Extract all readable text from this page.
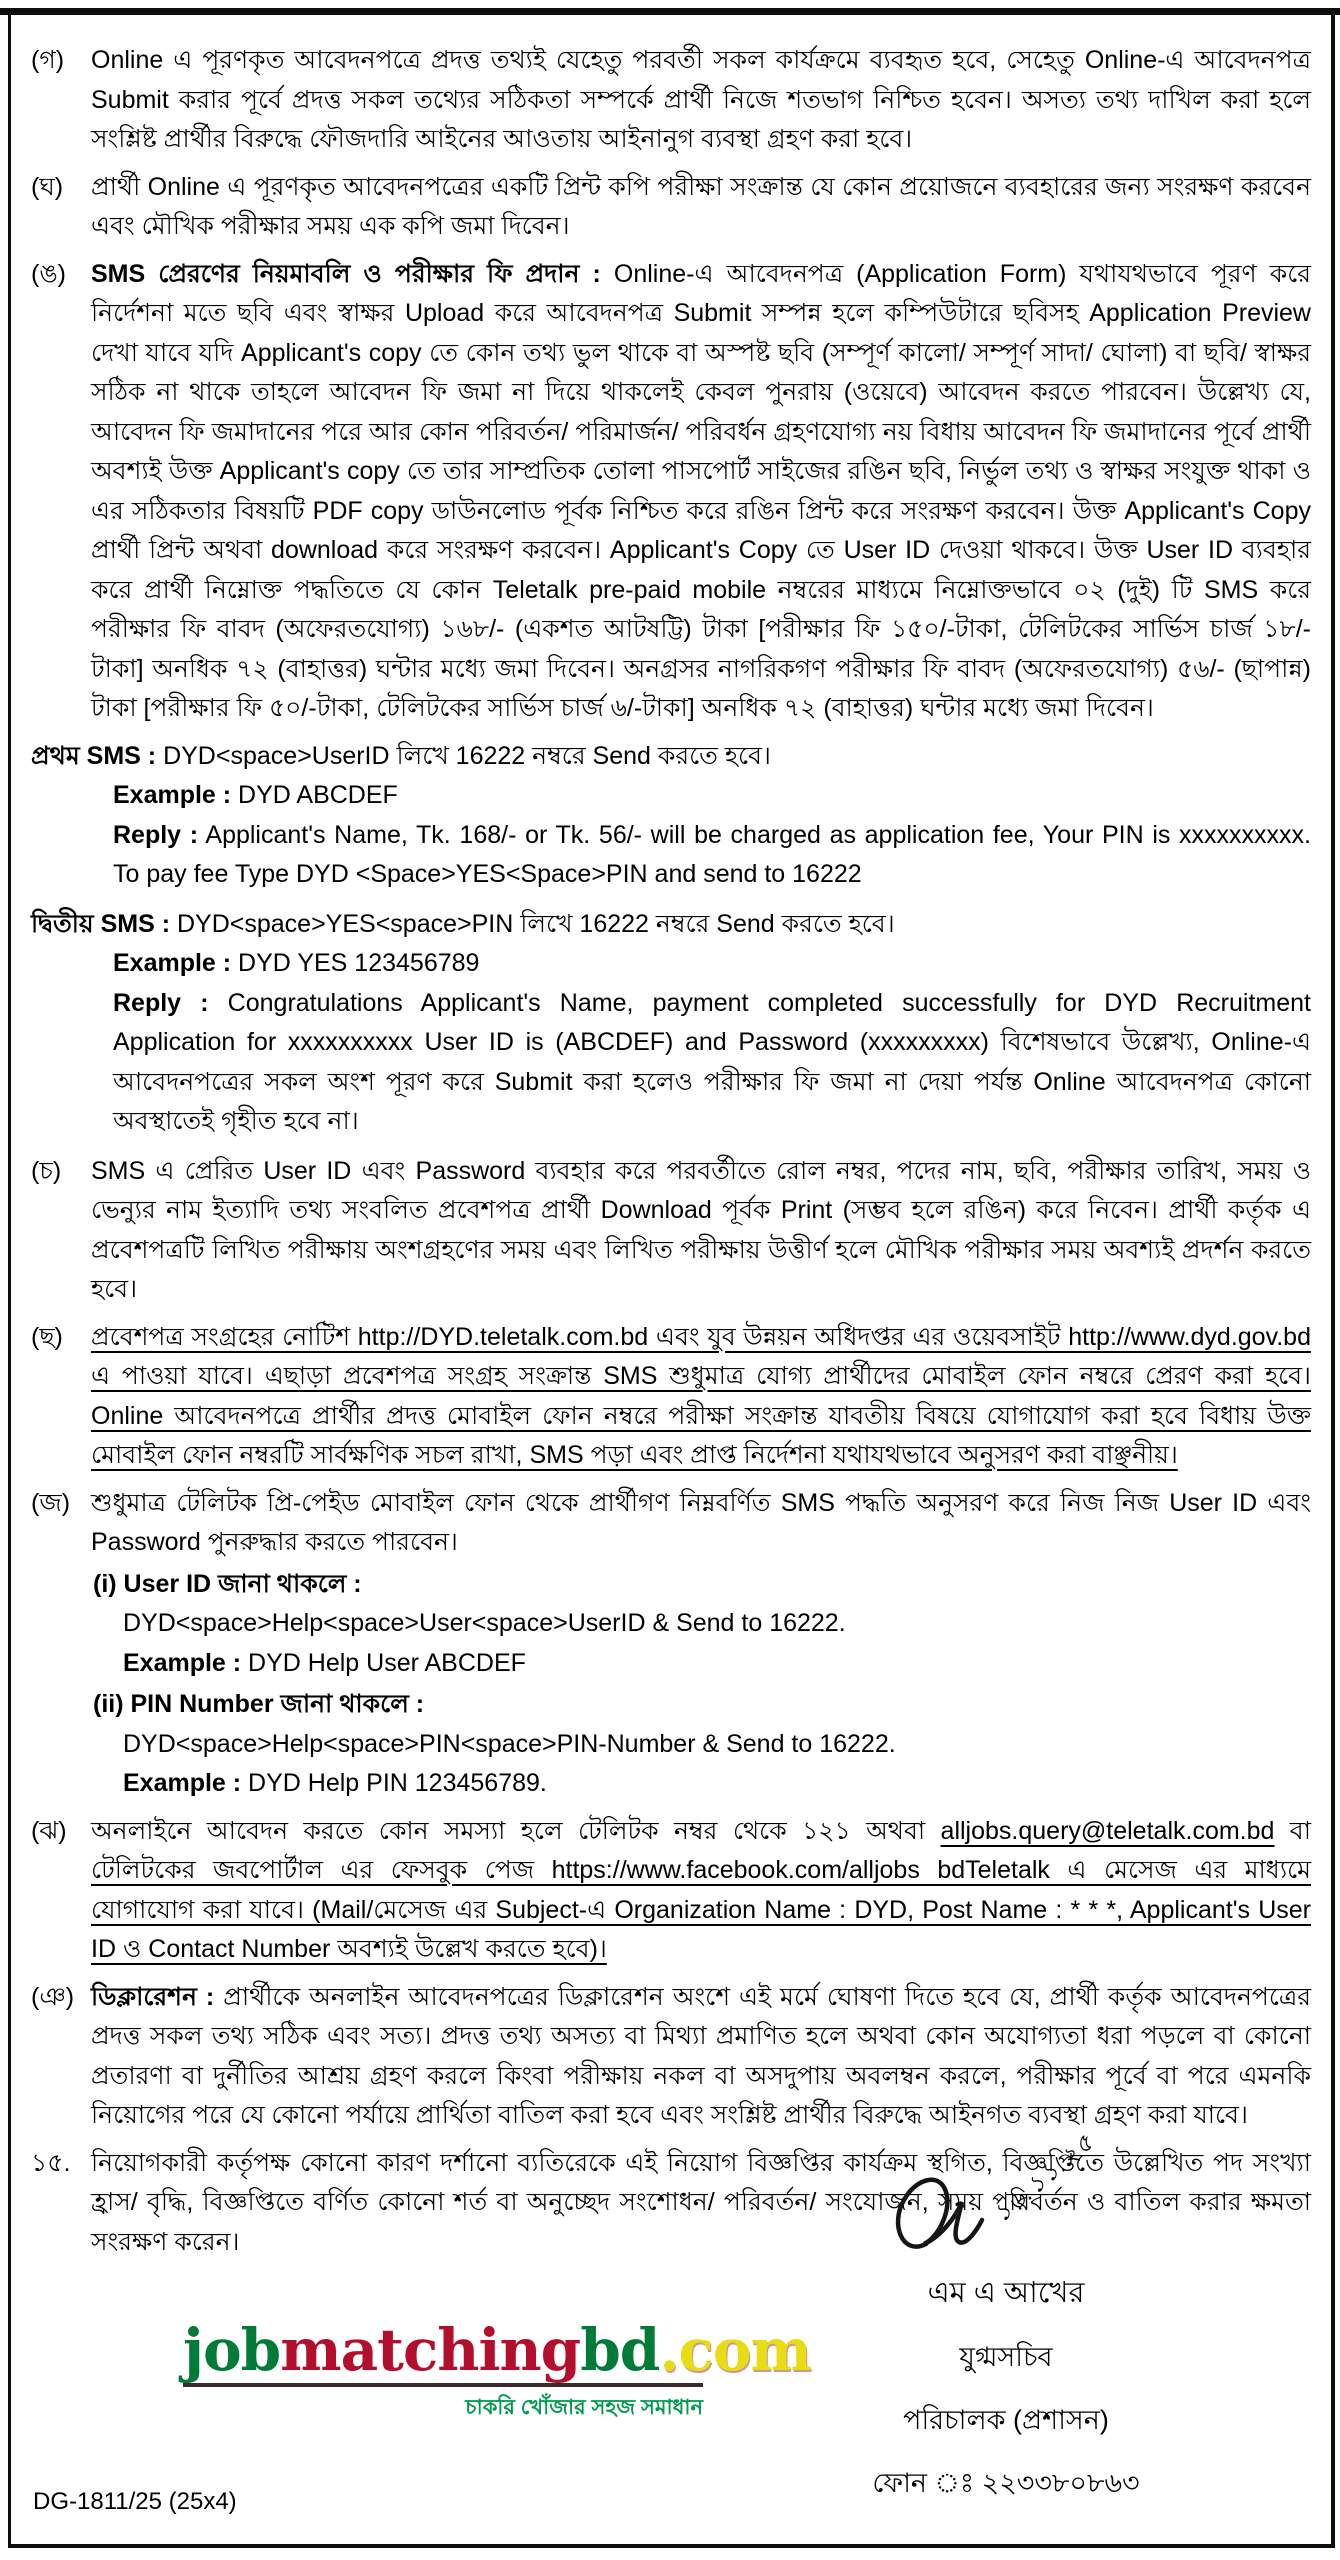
(গ)	Online এ পূরণকৃত আবেদনপত্রে প্রদত্ত তথ্যই যেহেতু পরবর্তী সকল কার্যক্রমে ব্যবহৃত হবে, সেহেতু Online-এ আবেদনপত্র Submit করার পূর্বে প্রদত্ত সকল তথ্যের সঠিকতা সম্পর্কে প্রার্থী নিজে শতভাগ নিশ্চিত হবেন। অসত্য তথ্য দাখিল করা হলে সংশ্লিষ্ট প্রার্থীর বিরুদ্ধে ফৌজদারি আইনের আওতায় আইনানুগ ব্যবস্থা গ্রহণ করা হবে।
(ঘ)	প্রার্থী Online এ পূরণকৃত আবেদনপত্রের একটি প্রিন্ট কপি পরীক্ষা সংক্রান্ত যে কোন প্রয়োজনে ব্যবহারের জন্য সংরক্ষণ করবেন এবং মৌখিক পরীক্ষার সময় এক কপি জমা দিবেন।
(ঙ)	SMS প্রেরণের নিয়মাবলি ও পরীক্ষার ফি প্রদান : Online-এ আবেদনপত্র (Application Form) যথাযথভাবে পূরণ করে নির্দেশনা মতে ছবি এবং স্বাক্ষর Upload করে আবেদনপত্র Submit সম্পন্ন হলে কম্পিউটারে ছবিসহ Application Preview দেখা যাবে যদি Applicant's copy তে কোন তথ্য ভুল থাকে বা অস্পষ্ট ছবি (সম্পূর্ণ কালো/ সম্পূর্ণ সাদা/ ঘোলা) বা ছবি/ স্বাক্ষর সঠিক না থাকে তাহলে আবেদন ফি জমা না দিয়ে থাকলেই কেবল পুনরায় (ওয়েবে) আবেদন করতে পারবেন। উল্লেখ্য যে, আবেদন ফি জমাদানের পরে আর কোন পরিবর্তন/ পরিমার্জন/ পরিবর্ধন গ্রহণযোগ্য নয় বিধায় আবেদন ফি জমাদানের পূর্বে প্রার্থী অবশ্যই উক্ত Applicant's copy তে তার সাম্প্রতিক তোলা পাসপোর্ট সাইজের রঙিন ছবি, নির্ভুল তথ্য ও স্বাক্ষর সংযুক্ত থাকা ও এর সঠিকতার বিষয়টি PDF copy ডাউনলোড পূর্বক নিশ্চিত করে রঙিন প্রিন্ট করে সংরক্ষণ করবেন। উক্ত Applicant's Copy প্রার্থী প্রিন্ট অথবা download করে সংরক্ষণ করবেন। Applicant's Copy তে User ID দেওয়া থাকবে। উক্ত User ID ব্যবহার করে প্রার্থী নিম্নোক্ত পদ্ধতিতে যে কোন Teletalk pre-paid mobile নম্বরের মাধ্যমে নিম্নোক্তভাবে ০২ (দুই) টি SMS করে পরীক্ষার ফি বাবদ (অফেরতযোগ্য) ১৬৮/- (একশত আটষট্টি) টাকা [পরীক্ষার ফি ১৫০/-টাকা, টেলিটকের সার্ভিস চার্জ ১৮/-টাকা] অনধিক ৭২ (বাহাত্তর) ঘন্টার মধ্যে জমা দিবেন। অনগ্রসর নাগরিকগণ পরীক্ষার ফি বাবদ (অফেরতযোগ্য) ৫৬/- (ছাপান্ন) টাকা [পরীক্ষার ফি ৫০/-টাকা, টেলিটকের সার্ভিস চার্জ ৬/-টাকা] অনধিক ৭২ (বাহাত্তর) ঘন্টার মধ্যে জমা দিবেন।
প্রথম SMS : DYD<space>UserID লিখে 16222 নম্বরে Send করতে হবে।
Example : DYD ABCDEF
Reply : Applicant's Name, Tk. 168/- or Tk. 56/- will be charged as application fee, Your PIN is xxxxxxxxxx. To pay fee Type DYD <Space>YES<Space>PIN and send to 16222
দ্বিতীয় SMS : DYD<space>YES<space>PIN লিখে 16222 নম্বরে Send করতে হবে।
Example : DYD YES 123456789
Reply : Congratulations Applicant's Name, payment completed successfully for DYD Recruitment Application for xxxxxxxxxx User ID is (ABCDEF) and Password (xxxxxxxxx) বিশেষভাবে উল্লেখ্য, Online-এ আবেদনপত্রের সকল অংশ পূরণ করে Submit করা হলেও পরীক্ষার ফি জমা না দেয়া পর্যন্ত Online আবেদনপত্র কোনো অবস্থাতেই গৃহীত হবে না।
(চ)	SMS এ প্রেরিত User ID এবং Password ব্যবহার করে পরবর্তীতে রোল নম্বর, পদের নাম, ছবি, পরীক্ষার তারিখ, সময় ও ভেন্যুর নাম ইত্যাদি তথ্য সংবলিত প্রবেশপত্র প্রার্থী Download পূর্বক Print (সম্ভব হলে রঙিন) করে নিবেন। প্রার্থী কর্তৃক এ প্রবেশপত্রটি লিখিত পরীক্ষায় অংশগ্রহণের সময় এবং লিখিত পরীক্ষায় উত্তীর্ণ হলে মৌখিক পরীক্ষার সময় অবশ্যই প্রদর্শন করতে হবে।
(ছ)	প্রবেশপত্র সংগ্রহের নোটিশ http://DYD.teletalk.com.bd এবং যুব উন্নয়ন অধিদপ্তর এর ওয়েবসাইট http://www.dyd.gov.bd এ পাওয়া যাবে। এছাড়া প্রবেশপত্র সংগ্রহ সংক্রান্ত SMS শুধুমাত্র যোগ্য প্রার্থীদের মোবাইল ফোন নম্বরে প্রেরণ করা হবে। Online আবেদনপত্রে প্রার্থীর প্রদত্ত মোবাইল ফোন নম্বরে পরীক্ষা সংক্রান্ত যাবতীয় বিষয়ে যোগাযোগ করা হবে বিধায় উক্ত মোবাইল ফোন নম্বরটি সার্বক্ষণিক সচল রাখা, SMS পড়া এবং প্রাপ্ত নির্দেশনা যথাযথভাবে অনুসরণ করা বাঞ্ছনীয়।
(জ) শুধুমাত্র টেলিটক প্রি-পেইড মোবাইল ফোন থেকে প্রার্থীগণ নিম্নবর্ণিত SMS পদ্ধতি অনুসরণ করে নিজ নিজ User ID এবং Password পুনরুদ্ধার করতে পারবেন।
(i) User ID জানা থাকলে :
DYD<space>Help<space>User<space>UserID & Send to 16222.
Example : DYD Help User ABCDEF
(ii) PIN Number জানা থাকলে :
DYD<space>Help<space>PIN<space>PIN-Number & Send to 16222.
Example : DYD Help PIN 123456789.
(ঝ) অনলাইনে আবেদন করতে কোন সমস্যা হলে টেলিটক নম্বর থেকে ১২১ অথবা alljobs.query@teletalk.com.bd বা টেলিটকের জবপোর্টাল এর ফেসবুক পেজ https://www.facebook.com/alljobs bdTeletalk এ মেসেজ এর মাধ্যমে যোগাযোগ করা যাবে। (Mail/মেসেজ এর Subject-এ Organization Name : DYD, Post Name : * * *, Applicant's User ID ও Contact Number অবশ্যই উল্লেখ করতে হবে)।
(ঞ) ডিক্লারেশন : প্রার্থীকে অনলাইন আবেদনপত্রের ডিক্লারেশন অংশে এই মর্মে ঘোষণা দিতে হবে যে, প্রার্থী কর্তৃক আবেদনপত্রের প্রদত্ত সকল তথ্য সঠিক এবং সত্য। প্রদত্ত তথ্য অসত্য বা মিথ্যা প্রমাণিত হলে অথবা কোন অযোগ্যতা ধরা পড়লে বা কোনো প্রতারণা বা দুর্নীতির আশ্রয় গ্রহণ করলে কিংবা পরীক্ষায় নকল বা অসদুপায় অবলম্বন করলে, পরীক্ষার পূর্বে বা পরে এমনকি নিয়োগের পরে যে কোনো পর্যায়ে প্রার্থিতা বাতিল করা হবে এবং সংশ্লিষ্ট প্রার্থীর বিরুদ্ধে আইনগত ব্যবস্থা গ্রহণ করা যাবে।
১৫. নিয়োগকারী কর্তৃপক্ষ কোনো কারণ দর্শানো ব্যতিরেকে এই নিয়োগ বিজ্ঞপ্তির কার্যক্রম স্থগিত, বিজ্ঞপ্তিতে উল্লেখিত পদ সংখ্যা হ্রাস/ বৃদ্ধি, বিজ্ঞপ্তিতে বর্ণিত কোনো শর্ত বা অনুচ্ছেদ সংশোধন/ পরিবর্তন/ সংযোজন, সময় পরিবর্তন ও বাতিল করার ক্ষমতা সংরক্ষণ করেন।
jobmatchingbd.com
চাকরি খোঁজার সহজ সমাধান
DG-1811/25 (25x4)
১৬.১১.২৫
এম এ আখের
যুগ্মসচিব
পরিচালক (প্রশাসন)
ফোন ঃ ২২৩৩৮০৮৬৩
